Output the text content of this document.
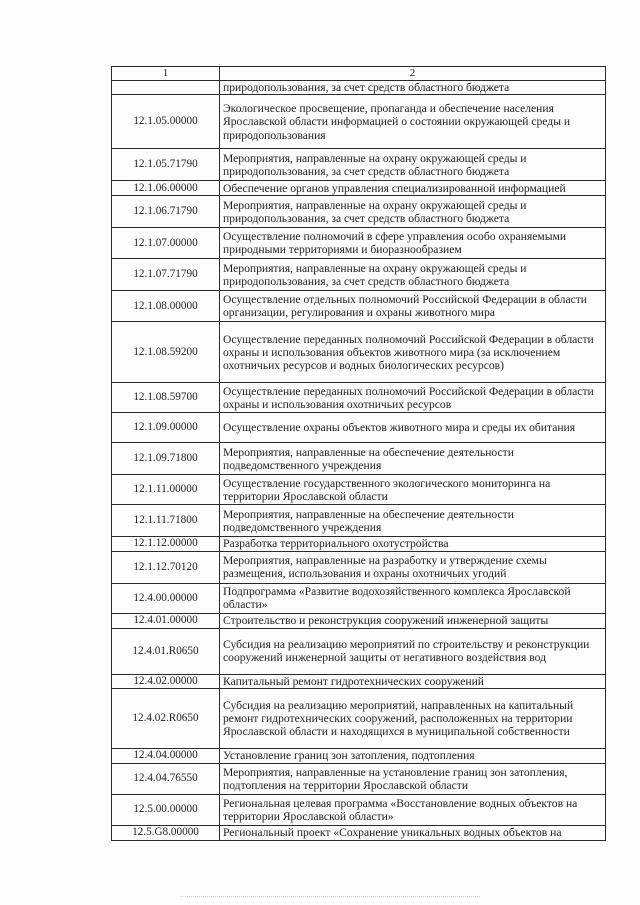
1	2
	природопользования, за счет средств областного бюджета
12.1.05.00000	Экологическое просвещение, пропаганда и обеспечение населения Ярославской области информацией о состоянии окружающей среды и природопользования
12.1.05.71790	Мероприятия, направленные на охрану окружающей среды и природопользования, за счет средств областного бюджета
12.1.06.00000	Обеспечение органов управления специализированной информацией
12.1.06.71790	Мероприятия, направленные на охрану окружающей среды и природопользования, за счет средств областного бюджета
12.1.07.00000	Осуществление полномочий в сфере управления особо охраняемыми природными территориями и биоразнообразием
12.1.07.71790	Мероприятия, направленные на охрану окружающей среды и природопользования, за счет средств областного бюджета
12.1.08.00000	Осуществление отдельных полномочий Российской Федерации в области организации, регулирования и охраны животного мира
12.1.08.59200	Осуществление переданных полномочий Российской Федерации в области охраны и использования объектов животного мира (за исключением охотничьих ресурсов и водных биологических ресурсов)
12.1.08.59700	Осуществление переданных полномочий Российской Федерации в области охраны и использования охотничьих ресурсов
12.1.09.00000	Осуществление охраны объектов животного мира и среды их обитания
12.1.09.71800	Мероприятия, направленные на обеспечение деятельности подведомственного учреждения
12.1.11.00000	Осуществление государственного экологического мониторинга на территории Ярославской области
12.1.11.71800	Мероприятия, направленные на обеспечение деятельности подведомственного учреждения
12.1.12.00000	Разработка территориального охотустройства
12.1.12.70120	Мероприятия, направленные на разработку и утверждение схемы размещения, использования и охраны охотничьих угодий
12.4.00.00000	Подпрограмма «Развитие водохозяйственного комплекса Ярославской области»
12.4.01.00000	Строительство и реконструкция сооружений инженерной защиты
12.4.01.R0650	Субсидия на реализацию мероприятий по строительству и реконструкции сооружений инженерной защиты от негативного воздействия вод
12.4.02.00000	Капитальный ремонт гидротехнических сооружений
12.4.02.R0650	Субсидия на реализацию мероприятий, направленных на капитальный ремонт гидротехнических сооружений, расположенных на территории Ярославской области и находящихся в муниципальной собственности
12.4.04.00000	Установление границ зон затопления, подтопления
12.4.04.76550	Мероприятия, направленные на установление границ зон затопления, подтопления на территории Ярославской области
12.5.00.00000	Региональная целевая программа «Восстановление водных объектов на территории Ярославской области»
12.5.G8.00000	Региональный проект «Сохранение уникальных водных объектов на
